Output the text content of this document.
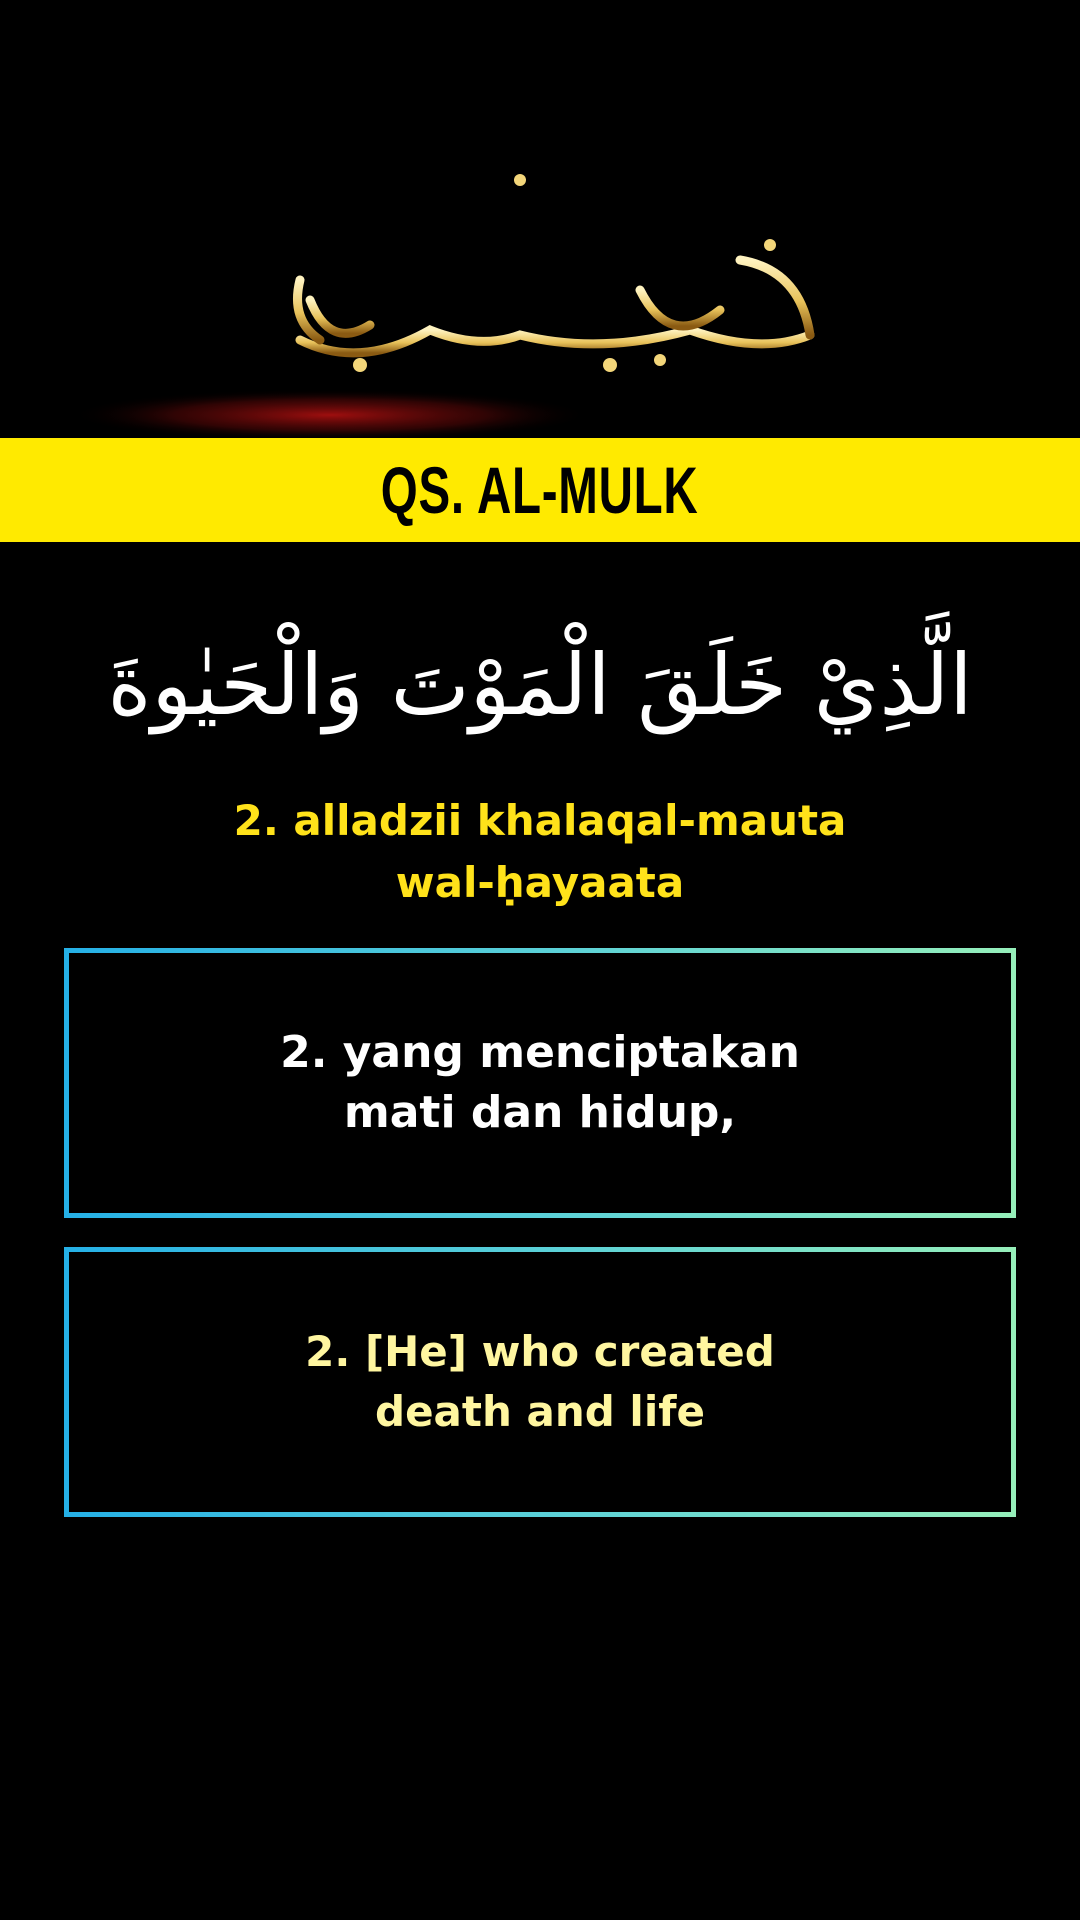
QS. AL-MULK
الَّذِيْ خَلَقَ الْمَوْتَ وَالْحَيٰوةَ
2. alladzii khalaqal-mauta
wal-ḥayaata
2. yang menciptakan
mati dan hidup,
2. [He] who created
death and life
